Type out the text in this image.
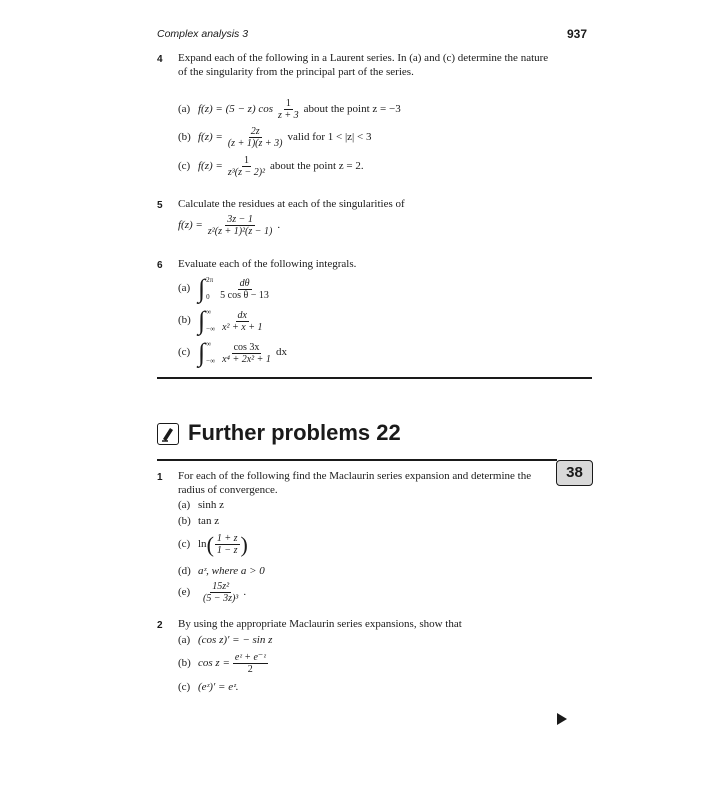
Complex analysis 3	937
4 Expand each of the following in a Laurent series. In (a) and (c) determine the nature of the singularity from the principal part of the series.
(a) f(z) = (5 − z) $\cos \frac{1}{z + 3}$ about the point z = −3
(b) $f(z) = \frac{2z}{(z + 1)(z + 3)}$ valid for 1 < |z| < 3
(c) $f(z) = \frac{1}{\text{z³(z − 2)²}}$ about the point z = 2.
5 Calculate the residues at each of the singularities of
$f(z) = \frac{3z - 1}{\text{z²(z + 1)²(z − 1)}}$ .
6 Evaluate each of the following integrals.
(a) ∫ 2π
$0 \frac{d\theta}{\text{5 cos θ − 13}}$
(b) ∫ ∞
−∞ $\frac{dx}{\text{x² + x + 1}}$
(c) ∫ ∞
−∞ $\frac{\cos 3x}{\text{x⁴ + 2x² + 1}}$ dx
Further problems 22
38
1 For each of the following find the Maclaurin series expansion and determine the radius of convergence.
(a) sinh z
(b) tan z
(c) ln ( $\frac{1 + z}{1 - z}$ )
(d) aᶻ, where a > 0
(e)	$\frac{\text{15z²}}{\text{(5 − 3z)³}}$ .
2 By using the appropriate Maclaurin series expansions, show that
(a) (cos z)′ = − sin z
(b) $\cos z = \frac{\text{eᶻ + e⁻ᶻ}}{2}$
(c) (eᶻ)′ = eᶻ.
